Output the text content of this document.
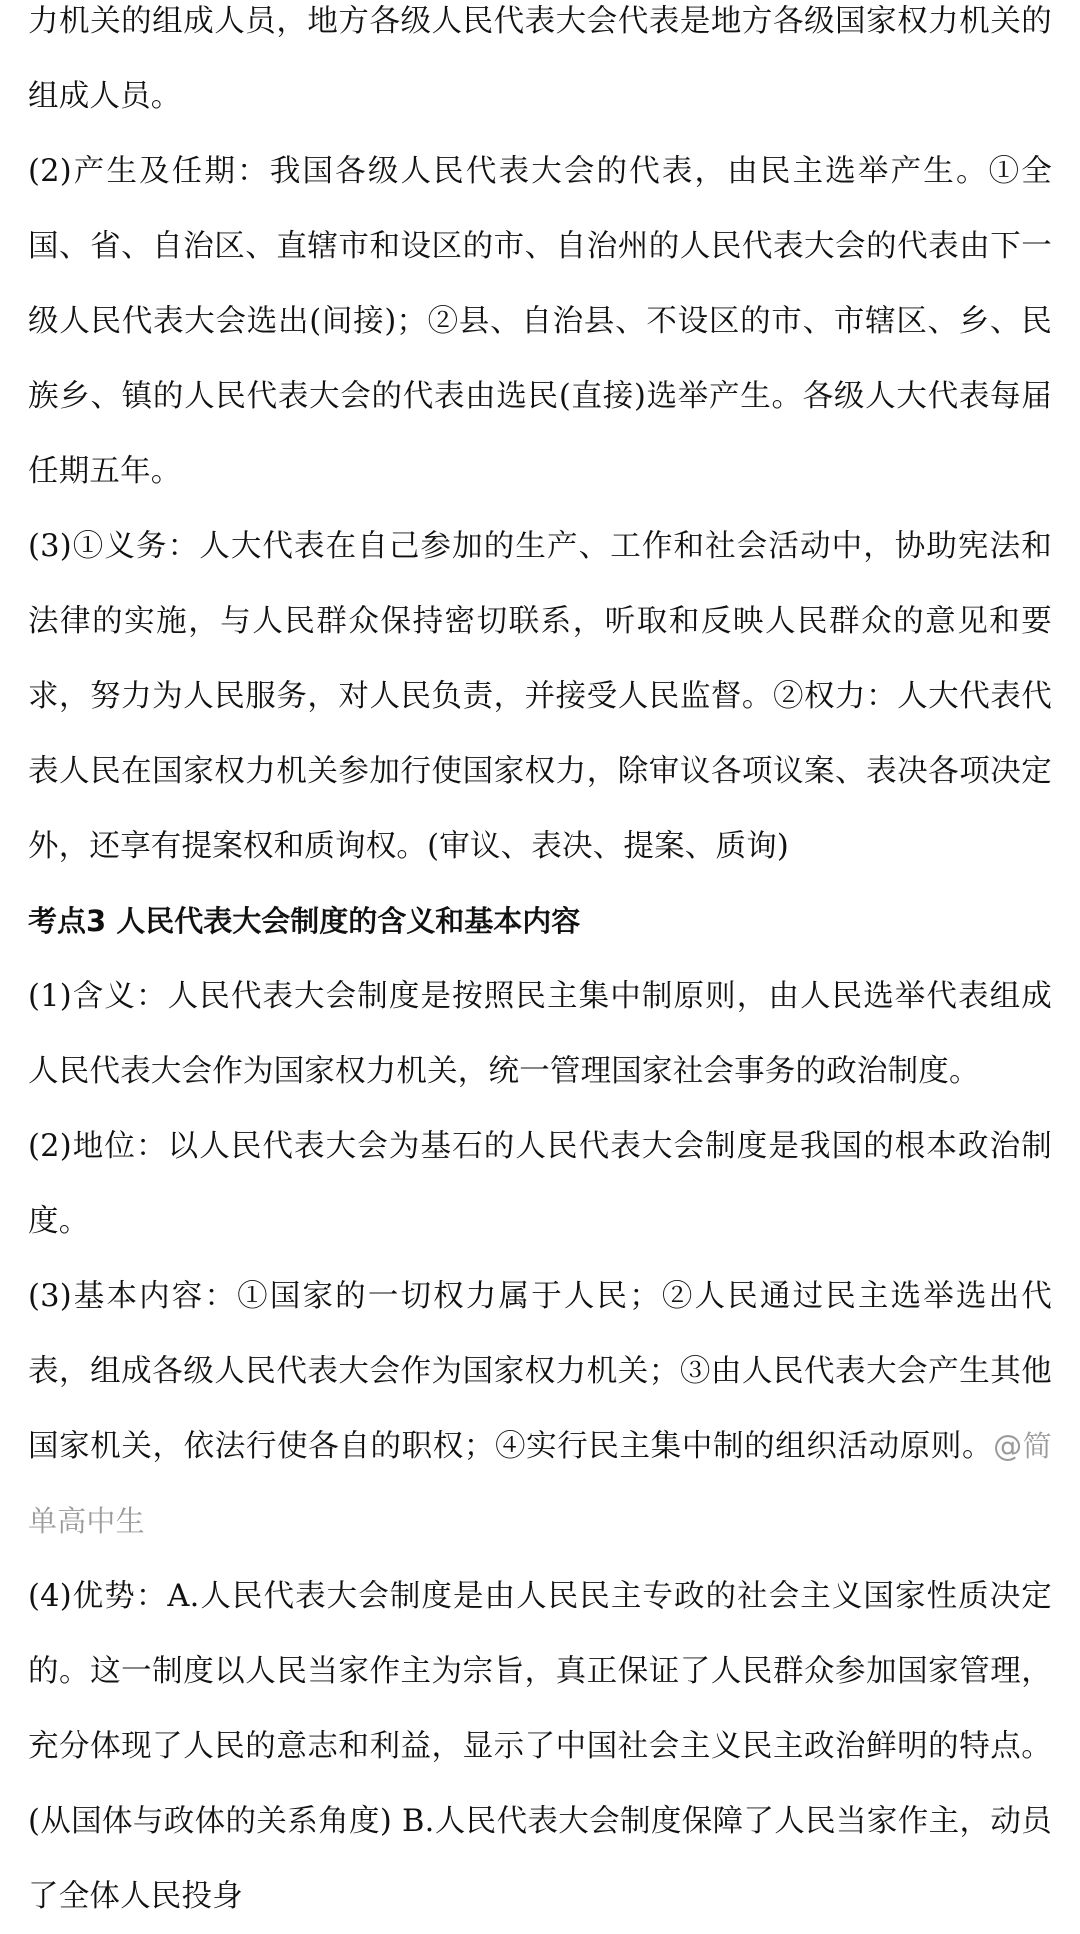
力机关的组成人员，地方各级人民代表大会代表是地方各级国家权力机关的组成人员。

(2)产生及任期：我国各级人民代表大会的代表，由民主选举产生。①全国、省、自治区、直辖市和设区的市、自治州的人民代表大会的代表由下一级人民代表大会选出(间接)；②县、自治县、不设区的市、市辖区、乡、民族乡、镇的人民代表大会的代表由选民(直接)选举产生。各级人大代表每届任期五年。

(3)①义务：人大代表在自己参加的生产、工作和社会活动中，协助宪法和法律的实施，与人民群众保持密切联系，听取和反映人民群众的意见和要求，努力为人民服务，对人民负责，并接受人民监督。②权力：人大代表代表人民在国家权力机关参加行使国家权力，除审议各项议案、表决各项决定外，还享有提案权和质询权。(审议、表决、提案、质询)

考点3 人民代表大会制度的含义和基本内容

(1)含义：人民代表大会制度是按照民主集中制原则，由人民选举代表组成人民代表大会作为国家权力机关，统一管理国家社会事务的政治制度。

(2)地位：以人民代表大会为基石的人民代表大会制度是我国的根本政治制度。

(3)基本内容：①国家的一切权力属于人民；②人民通过民主选举选出代表，组成各级人民代表大会作为国家权力机关；③由人民代表大会产生其他国家机关，依法行使各自的职权；④实行民主集中制的组织活动原则。@简单高中生

(4)优势：A.人民代表大会制度是由人民民主专政的社会主义国家性质决定的。这一制度以人民当家作主为宗旨，真正保证了人民群众参加国家管理，充分体现了人民的意志和利益，显示了中国社会主义民主政治鲜明的特点。(从国体与政体的关系角度) B.人民代表大会制度保障了人民当家作主，动员了全体人民投身
